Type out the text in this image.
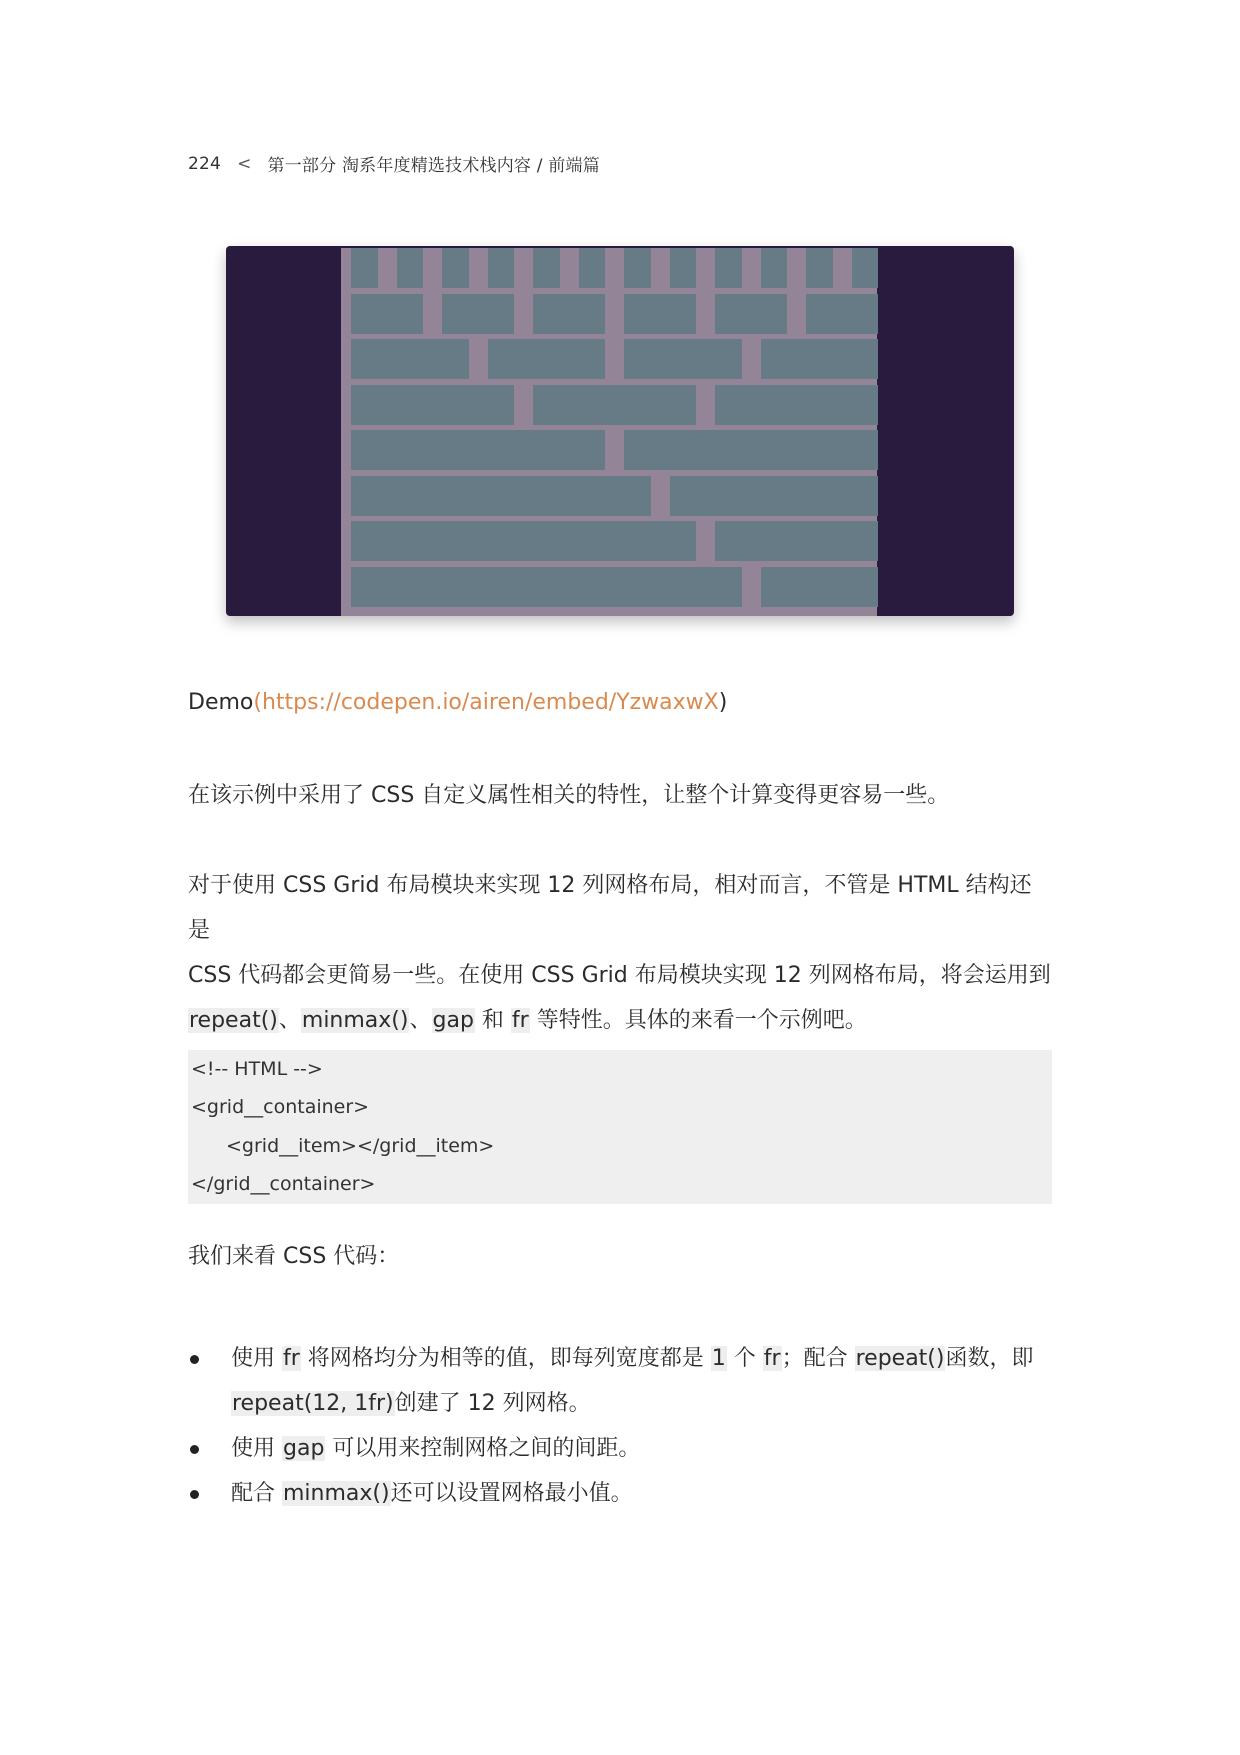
224 < 第一部分 淘系年度精选技术栈内容 / 前端篇

Demo(https://codepen.io/airen/embed/YzwaxwX)

在该示例中采用了 CSS 自定义属性相关的特性，让整个计算变得更容易一些。

对于使用 CSS Grid 布局模块来实现 12 列网格布局，相对而言，不管是 HTML 结构还是
CSS 代码都会更简易一些。在使用 CSS Grid 布局模块实现 12 列网格布局，将会运用到
repeat()、minmax()、gap 和 fr 等特性。具体的来看一个示例吧。
<!-- HTML -->
<grid__container>
<grid__item></grid__item>
</grid__container>

我们来看 CSS 代码：

使用 fr 将网格均分为相等的值，即每列宽度都是 1 个 fr；配合 repeat()函数，即
repeat(12, 1fr)创建了 12 列网格。
使用 gap 可以用来控制网格之间的间距。
配合 minmax()还可以设置网格最小值。
